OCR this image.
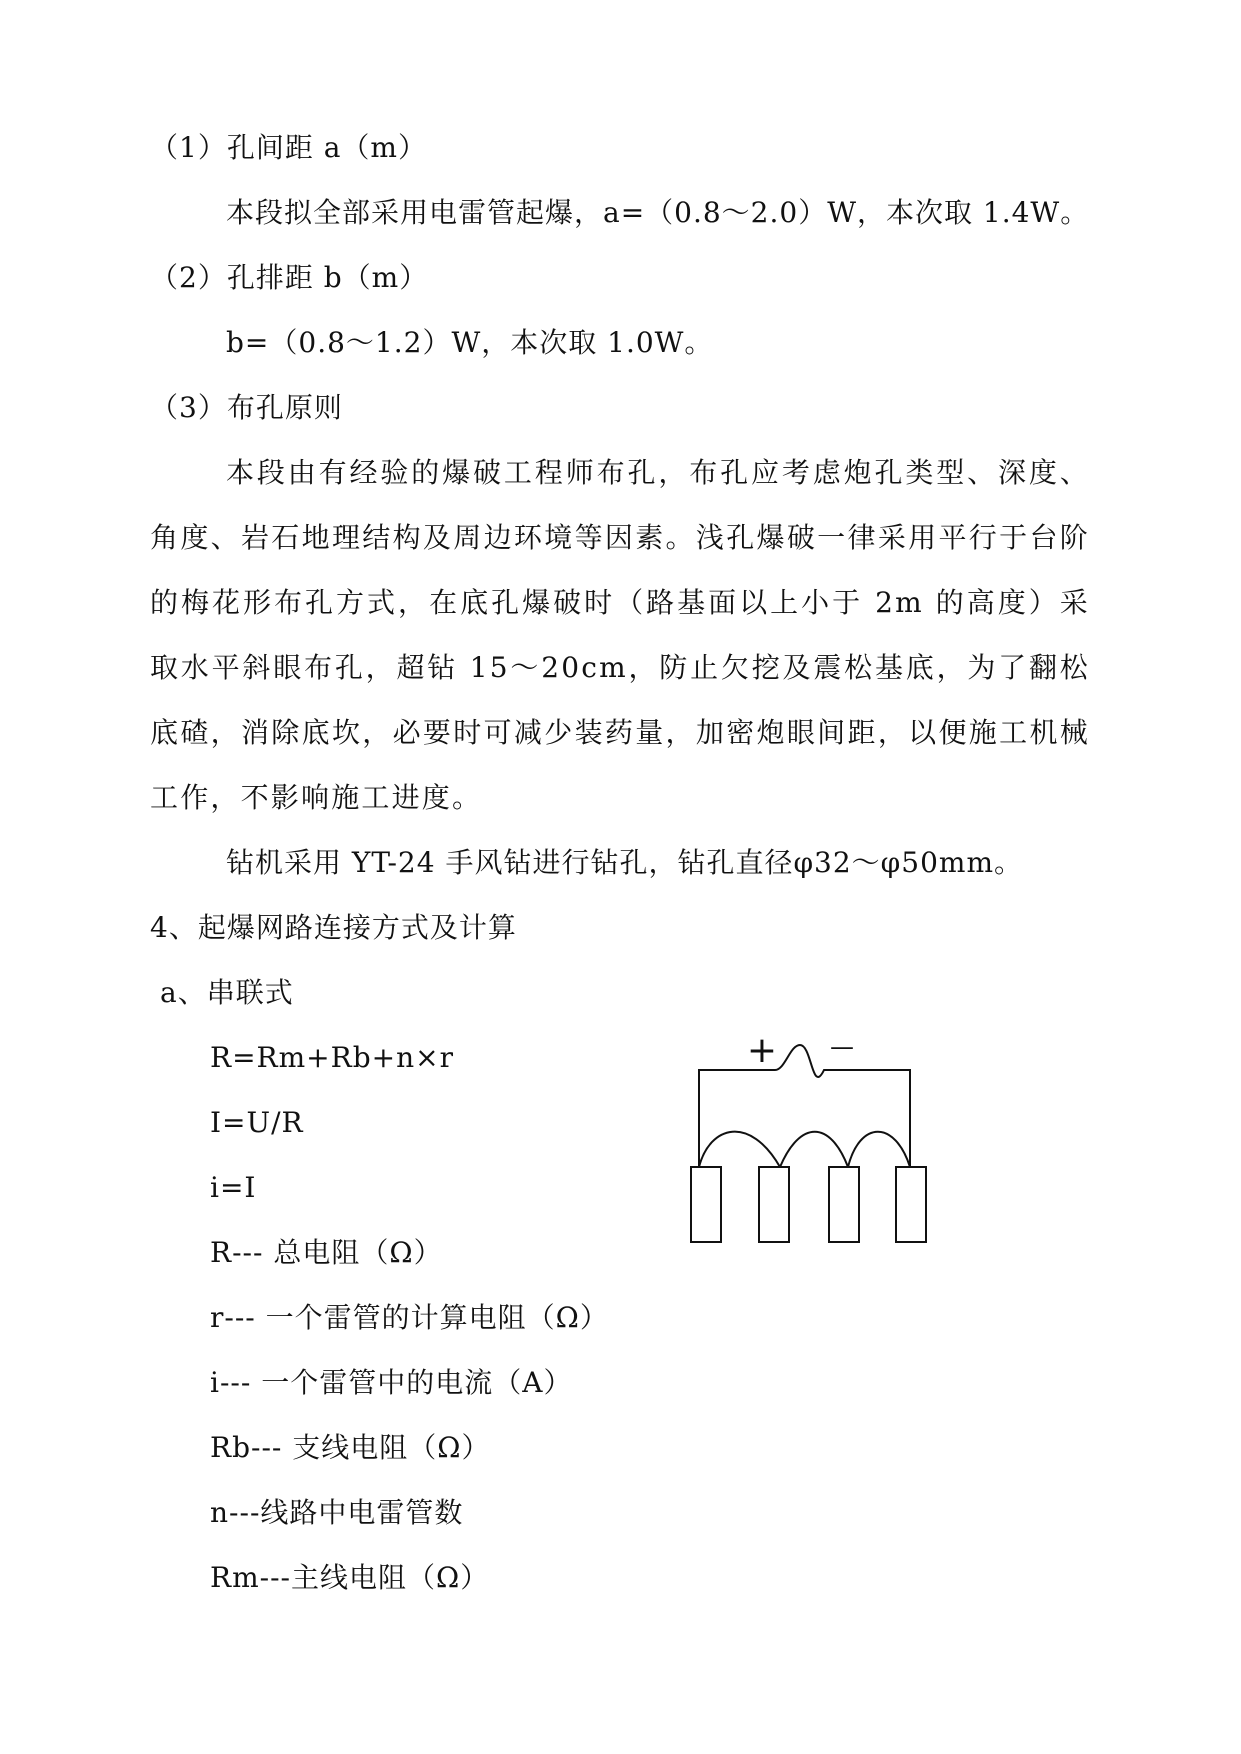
（1）孔间距 a（m）
本段拟全部采用电雷管起爆，a=（0.8～2.0）W，本次取 1.4W。
（2）孔排距 b（m）
b=（0.8～1.2）W，本次取 1.0W。
（3）布孔原则
本段由有经验的爆破工程师布孔，布孔应考虑炮孔类型、深度、角度、岩石地理结构及周边环境等因素。浅孔爆破一律采用平行于台阶的梅花形布孔方式，在底孔爆破时（路基面以上小于 2m 的高度）采取水平斜眼布孔，超钻 15～20cm，防止欠挖及震松基底，为了翻松底碴，消除底坎，必要时可减少装药量，加密炮眼间距，以便施工机械工作，不影响施工进度。
钻机采用 YT-24 手风钻进行钻孔，钻孔直径φ32～φ50mm。
4、起爆网路连接方式及计算
a、串联式
R=Rm+Rb+n×r
I=U/R
i=I
R--- 总电阻（Ω）
r--- 一个雷管的计算电阻（Ω）
i--- 一个雷管中的电流（A）
Rb--- 支线电阻（Ω）
n---线路中电雷管数
Rm---主线电阻（Ω）
+ —
